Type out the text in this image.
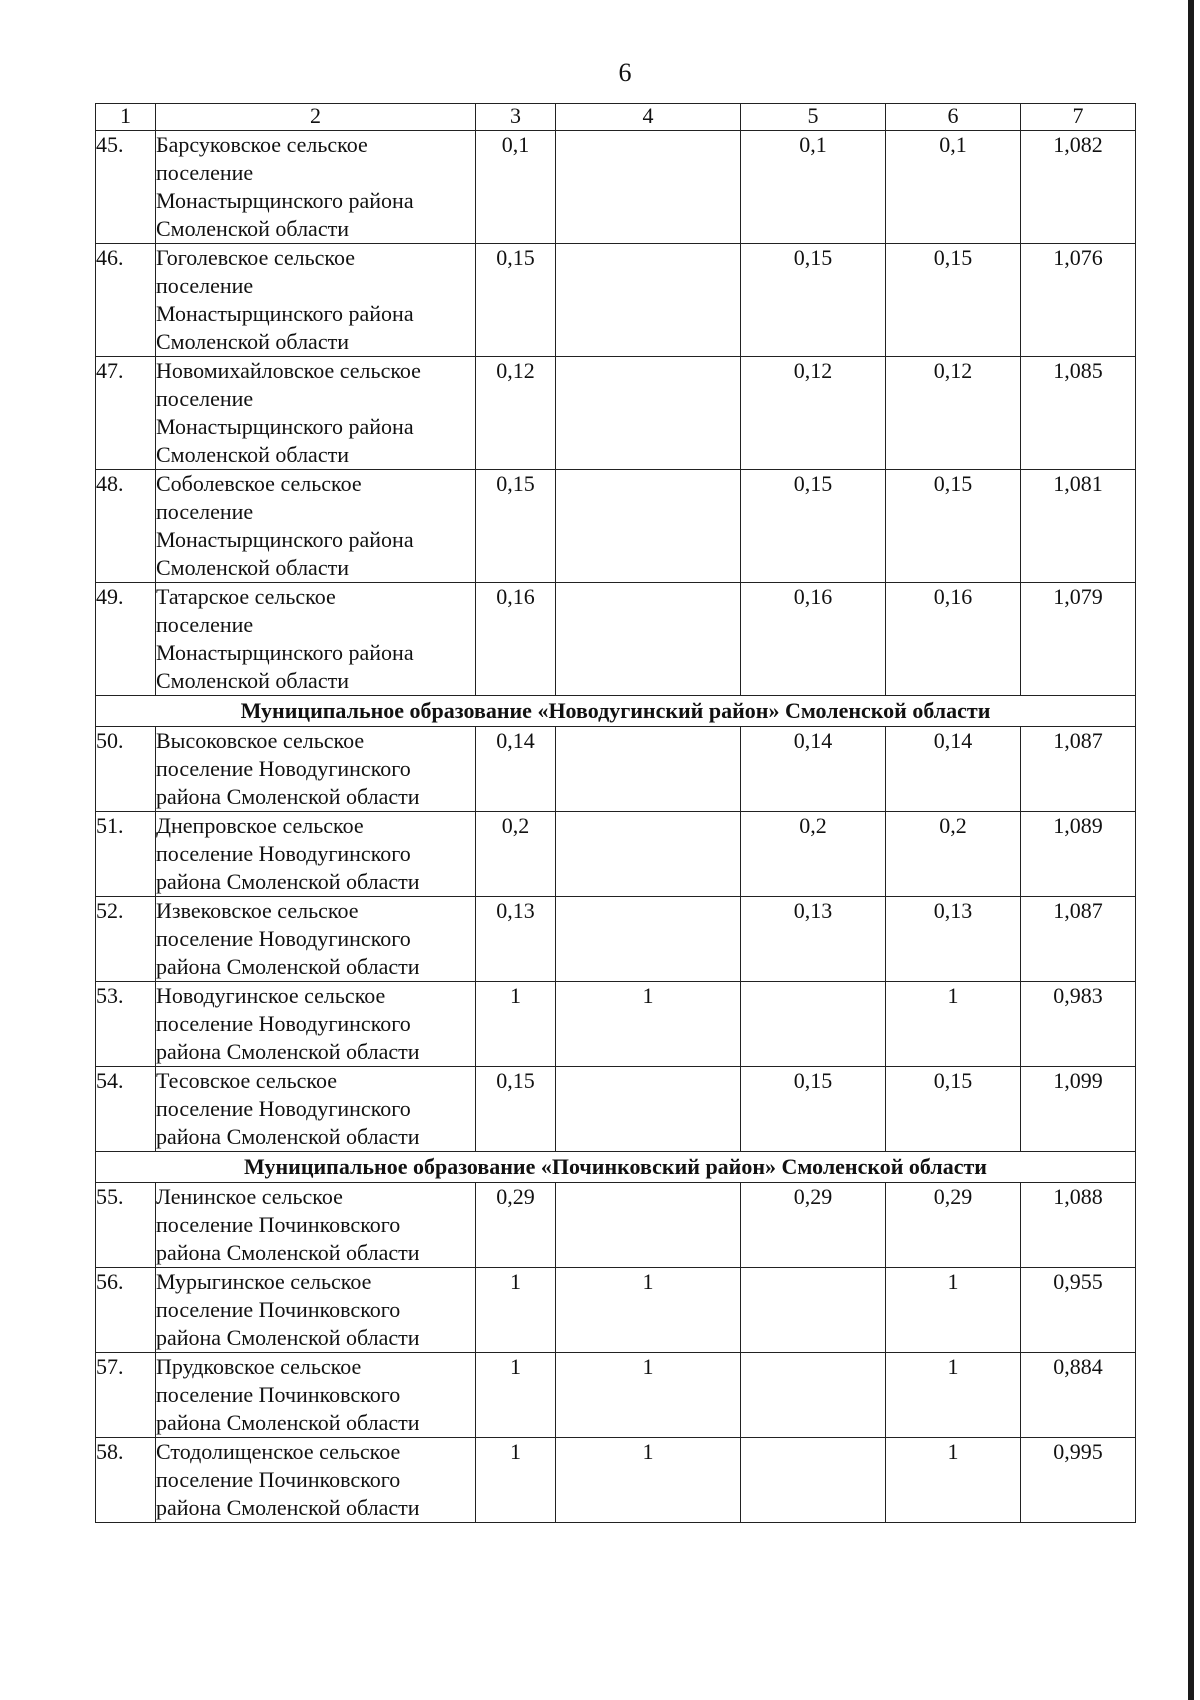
6
1	2	3	4	5	6	7
45.	Барсуковское сельское
поселение
Монастырщинского района
Смоленской области	0,1		0,1	0,1	1,082
46.	Гоголевское сельское
поселение
Монастырщинского района
Смоленской области	0,15		0,15	0,15	1,076
47.	Новомихайловское сельское
поселение
Монастырщинского района
Смоленской области	0,12		0,12	0,12	1,085
48.	Соболевское сельское
поселение
Монастырщинского района
Смоленской области	0,15		0,15	0,15	1,081
49.	Татарское сельское
поселение
Монастырщинского района
Смоленской области	0,16		0,16	0,16	1,079
Муниципальное образование «Новодугинский район» Смоленской области						
50.	Высоковское сельское
поселение Новодугинского
района Смоленской области	0,14		0,14	0,14	1,087
51.	Днепровское сельское
поселение Новодугинского
района Смоленской области	0,2		0,2	0,2	1,089
52.	Извековское сельское
поселение Новодугинского
района Смоленской области	0,13		0,13	0,13	1,087
53.	Новодугинское сельское
поселение Новодугинского
района Смоленской области	1	1		1	0,983
54.	Тесовское сельское
поселение Новодугинского
района Смоленской области	0,15		0,15	0,15	1,099
Муниципальное образование «Починковский район» Смоленской области						
55.	Ленинское сельское
поселение Починковского
района Смоленской области	0,29		0,29	0,29	1,088
56.	Мурыгинское сельское
поселение Починковского
района Смоленской области	1	1		1	0,955
57.	Прудковское сельское
поселение Починковского
района Смоленской области	1	1		1	0,884
58.	Стодолищенское сельское
поселение Починковского
района Смоленской области	1	1		1	0,995
